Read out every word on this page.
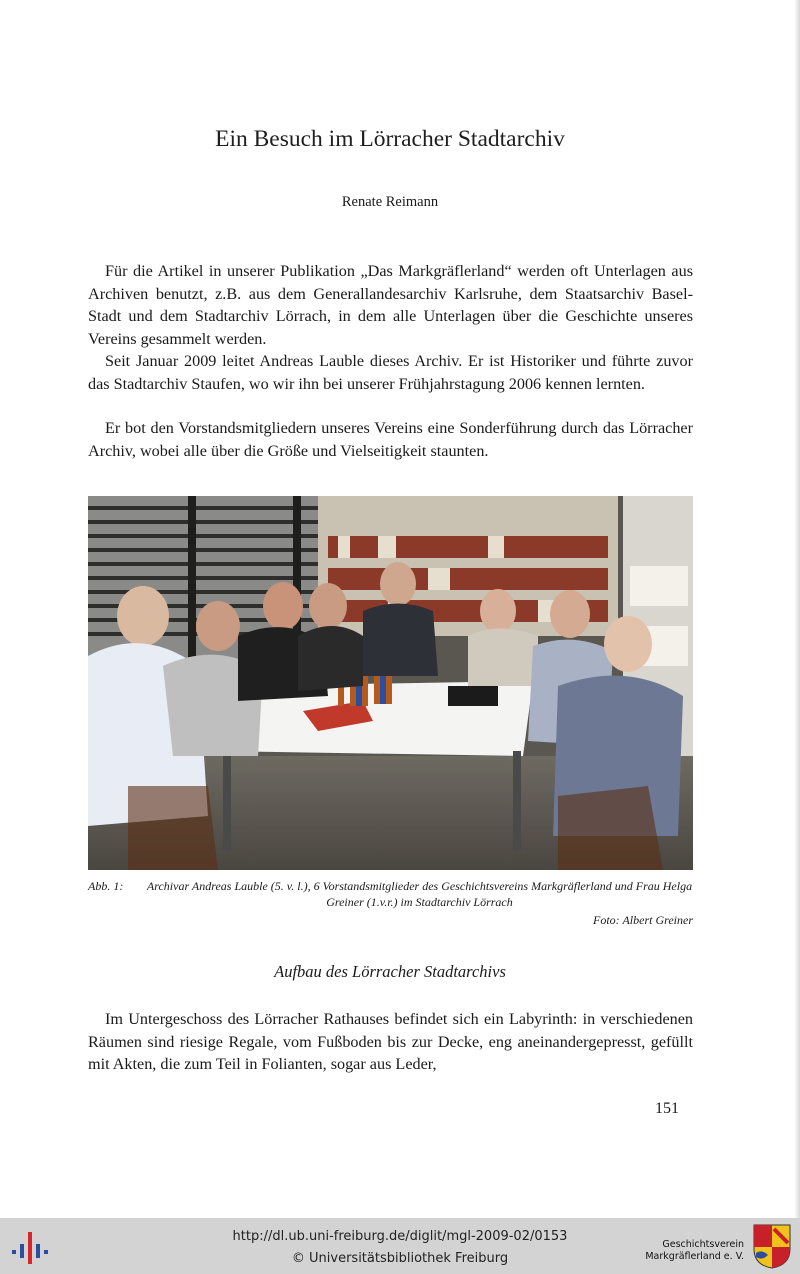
Ein Besuch im Lörracher Stadtarchiv
Renate Reimann
Für die Artikel in unserer Publikation „Das Markgräflerland“ werden oft Unterlagen aus Archiven benutzt, z.B. aus dem Generallandesarchiv Karlsruhe, dem Staatsarchiv Basel-Stadt und dem Stadtarchiv Lörrach, in dem alle Unterlagen über die Geschichte unseres Vereins gesammelt werden.
Seit Januar 2009 leitet Andreas Lauble dieses Archiv. Er ist Historiker und führte zuvor das Stadtarchiv Staufen, wo wir ihn bei unserer Frühjahrstagung 2006 kennen lernten.
Er bot den Vorstandsmitgliedern unseres Vereins eine Sonderführung durch das Lörracher Archiv, wobei alle über die Größe und Vielseitigkeit staunten.
Abb. 1: Archivar Andreas Lauble (5. v. l.), 6 Vorstandsmitglieder des Geschichtsvereins Markgräflerland und Frau Helga Greiner (1.v.r.) im Stadtarchiv Lörrach
Foto: Albert Greiner
Aufbau des Lörracher Stadtarchivs
Im Untergeschoss des Lörracher Rathauses befindet sich ein Labyrinth: in verschiedenen Räumen sind riesige Regale, vom Fußboden bis zur Decke, eng aneinandergepresst, gefüllt mit Akten, die zum Teil in Folianten, sogar aus Leder,
151
http://dl.ub.uni-freiburg.de/diglit/mgl-2009-02/0153
© Universitätsbibliothek Freiburg
Geschichtsverein
Markgräflerland e. V.
